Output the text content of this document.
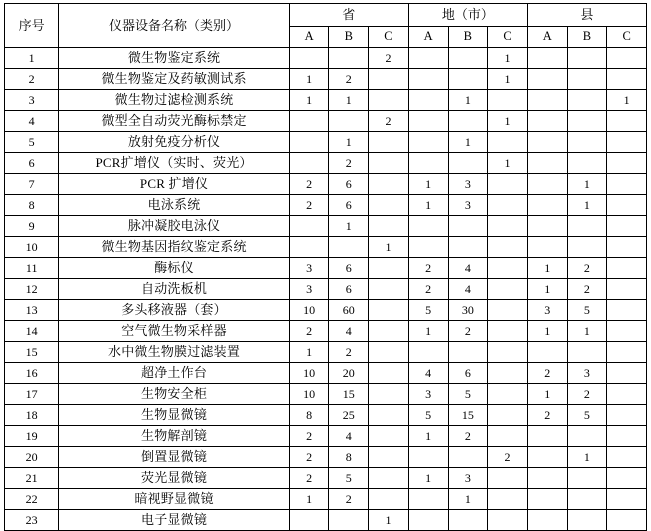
序号	仪器设备名称（类别）	省			地（市）			县		
		A	B	C	A	B	C	A	B	C
1	微生物鉴定系统			2			1			
2	微生物鉴定及药敏测试系	1	2				1			
3	微生物过滤检测系统	1	1			1				1
4	微型全自动荧光酶标禁定			2			1			
5	放射免疫分析仪		1			1				
6	PCR扩增仪（实时、荧光）		2				1			
7	PCR 扩增仪	2	6		1	3			1	
8	电泳系统	2	6		1	3			1	
9	脉冲凝胶电泳仪		1							
10	微生物基因指纹鉴定系统			1						
11	酶标仪	3	6		2	4		1	2	
12	自动洗板机	3	6		2	4		1	2	
13	多头移液器（套）	10	60		5	30		3	5	
14	空气微生物采样器	2	4		1	2		1	1	
15	水中微生物膜过滤装置	1	2							
16	超净土作台	10	20		4	6		2	3	
17	生物安全柜	10	15		3	5		1	2	
18	生物显微镜	8	25		5	15		2	5	
19	生物解剖镜	2	4		1	2				
20	倒置显微镜	2	8				2		1	
21	荧光显微镜	2	5		1	3				
22	暗视野显微镜	1	2			1				
23	电子显微镜			1						
